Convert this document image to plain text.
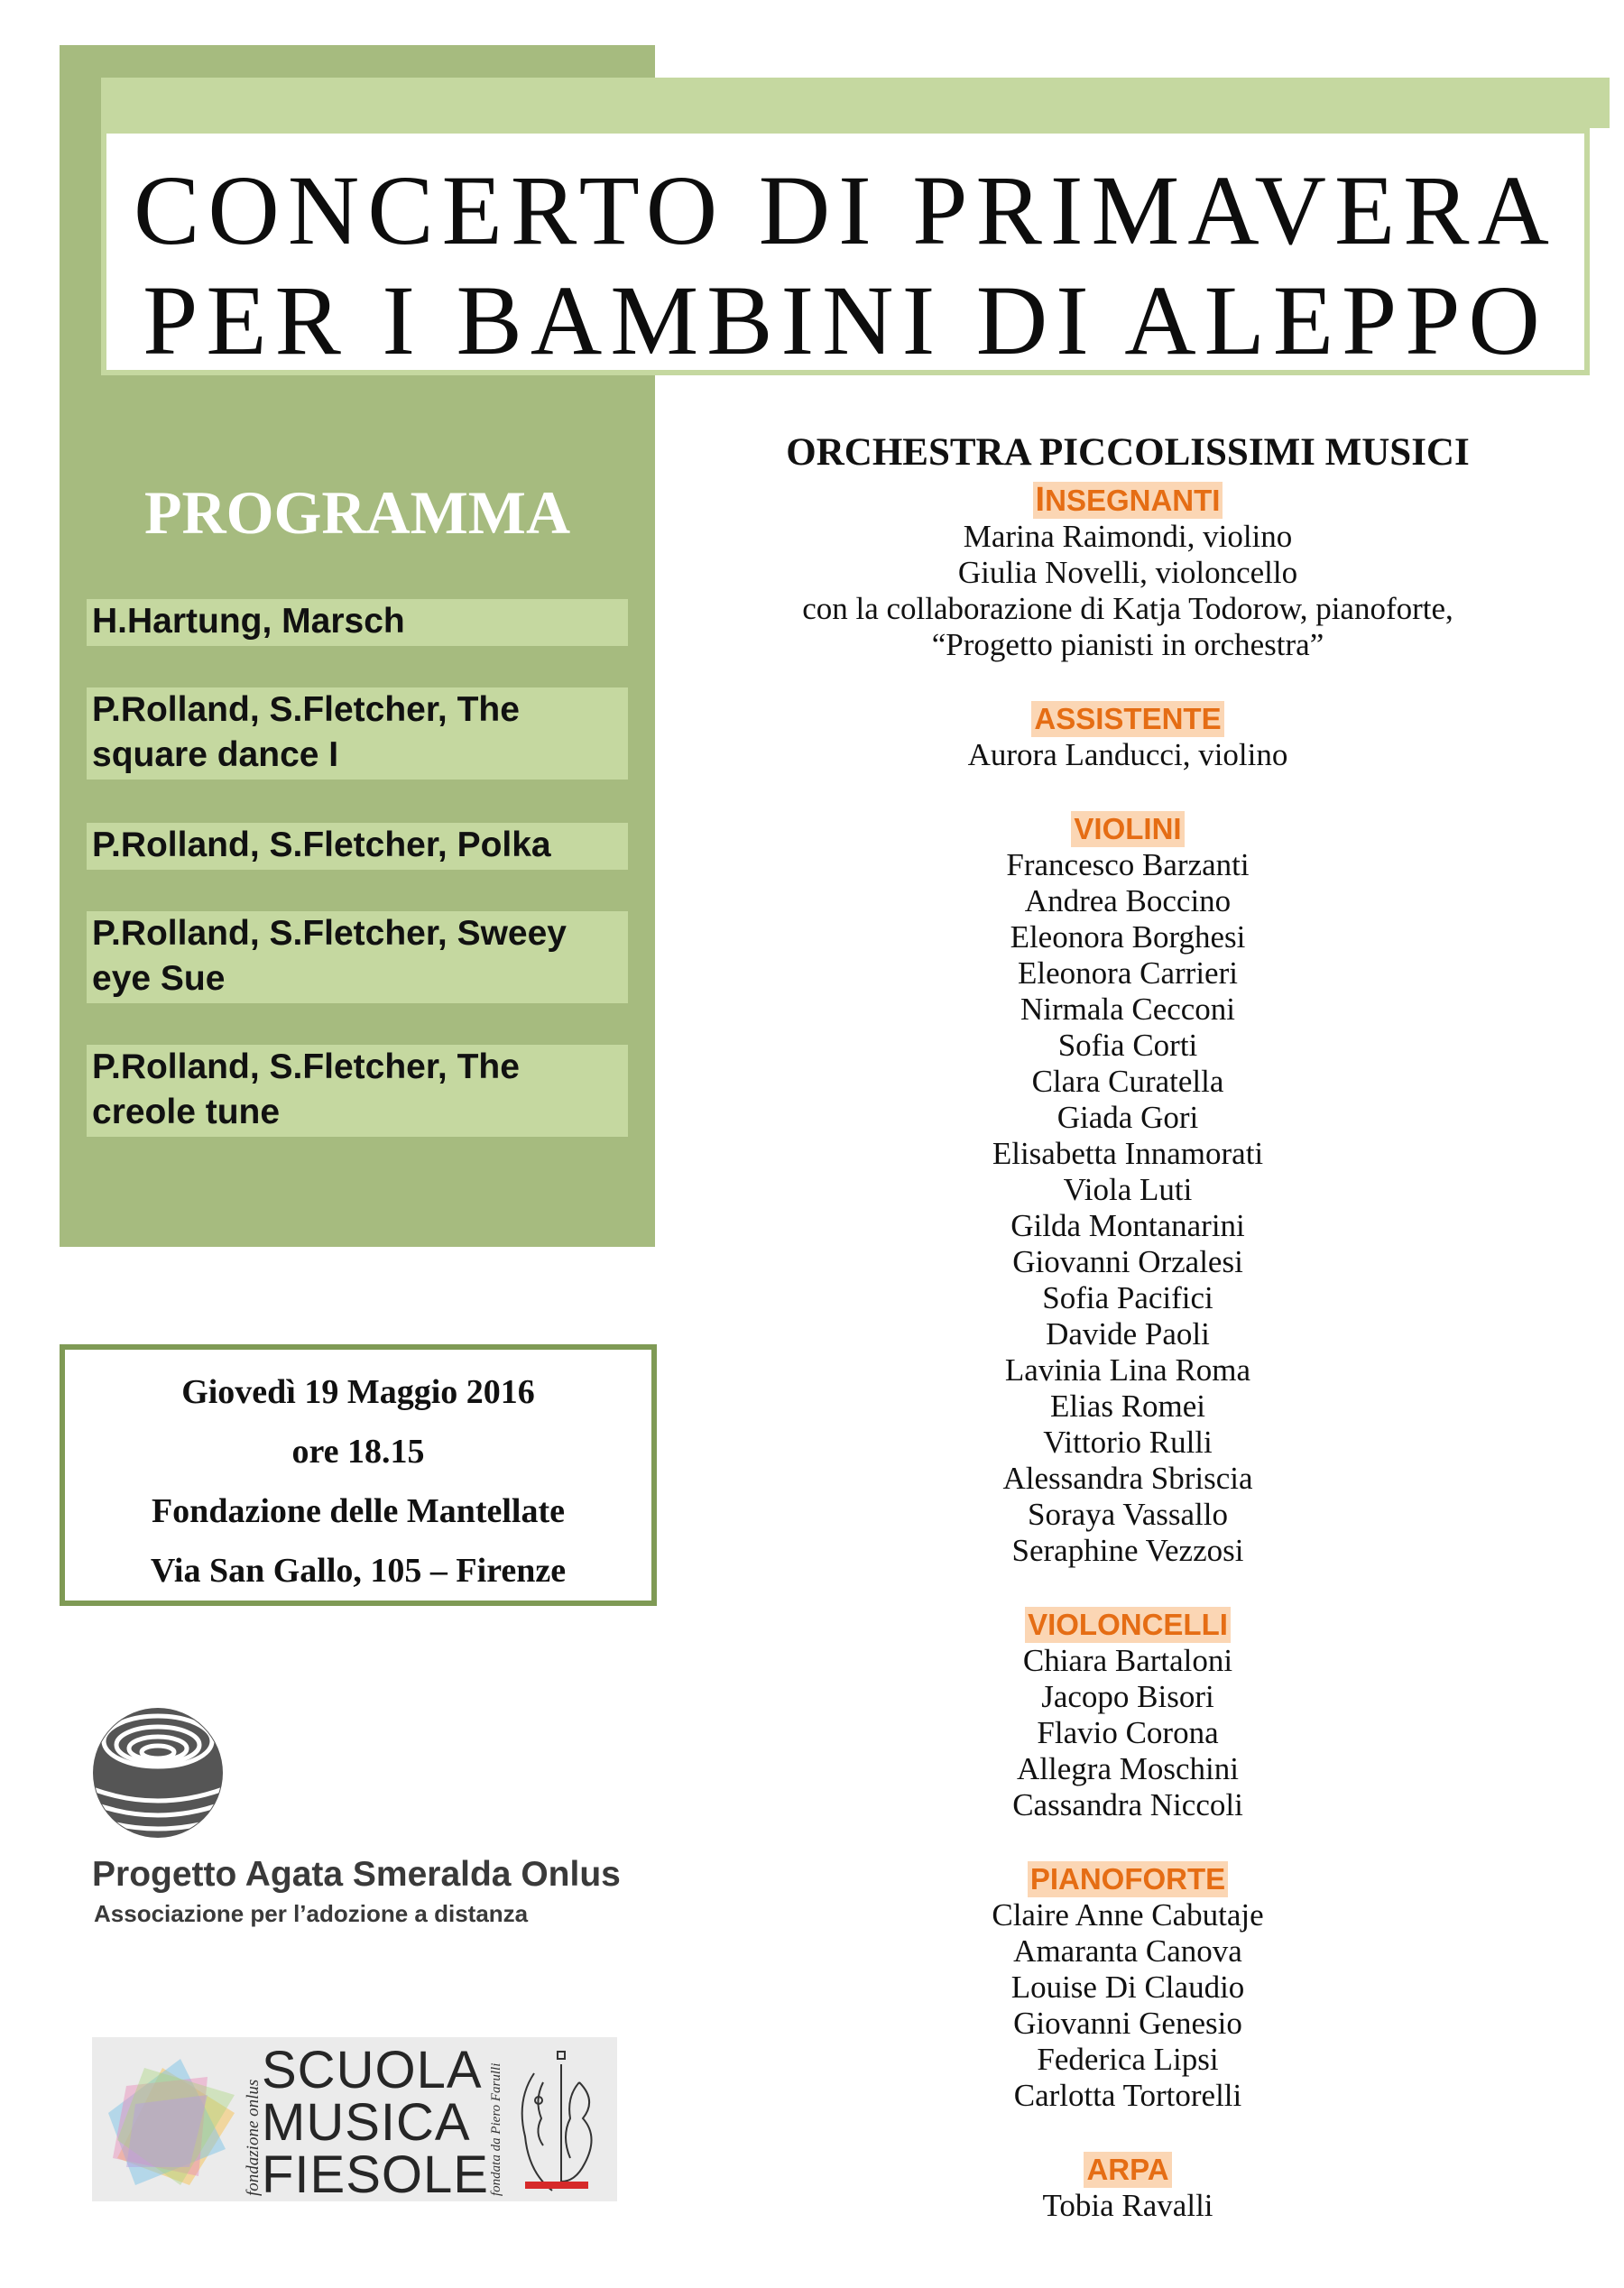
CONCERTO DI PRIMAVERA
PER I BAMBINI DI ALEPPO
PROGRAMMA
H.Hartung, Marsch
P.Rolland, S.Fletcher, The square dance I
P.Rolland, S.Fletcher, Polka
P.Rolland, S.Fletcher, Sweey eye Sue
P.Rolland, S.Fletcher, The creole tune
Giovedì 19 Maggio 2016
ore 18.15
Fondazione delle Mantellate
Via San Gallo, 105 – Firenze
Progetto Agata Smeralda Onlus
Associazione per l’adozione a distanza
fondazione onlus
SCUOLA
MUSICA
FIESOLE fondata da Piero Farulli
ORCHESTRA PICCOLISSIMI MUSICI
INSEGNANTI
Marina Raimondi, violino
Giulia Novelli, violoncello
con la collaborazione di Katja Todorow, pianoforte,
“Progetto pianisti in orchestra”
ASSISTENTE
Aurora Landucci, violino
VIOLINI
Francesco Barzanti
Andrea Boccino
Eleonora Borghesi
Eleonora Carrieri
Nirmala Cecconi
Sofia Corti
Clara Curatella
Giada Gori
Elisabetta Innamorati
Viola Luti
Gilda Montanarini
Giovanni Orzalesi
Sofia Pacifici
Davide Paoli
Lavinia Lina Roma
Elias Romei
Vittorio Rulli
Alessandra Sbriscia
Soraya Vassallo
Seraphine Vezzosi
VIOLONCELLI
Chiara Bartaloni
Jacopo Bisori
Flavio Corona
Allegra Moschini
Cassandra Niccoli
PIANOFORTE
Claire Anne Cabutaje
Amaranta Canova
Louise Di Claudio
Giovanni Genesio
Federica Lipsi
Carlotta Tortorelli
ARPA
Tobia Ravalli
